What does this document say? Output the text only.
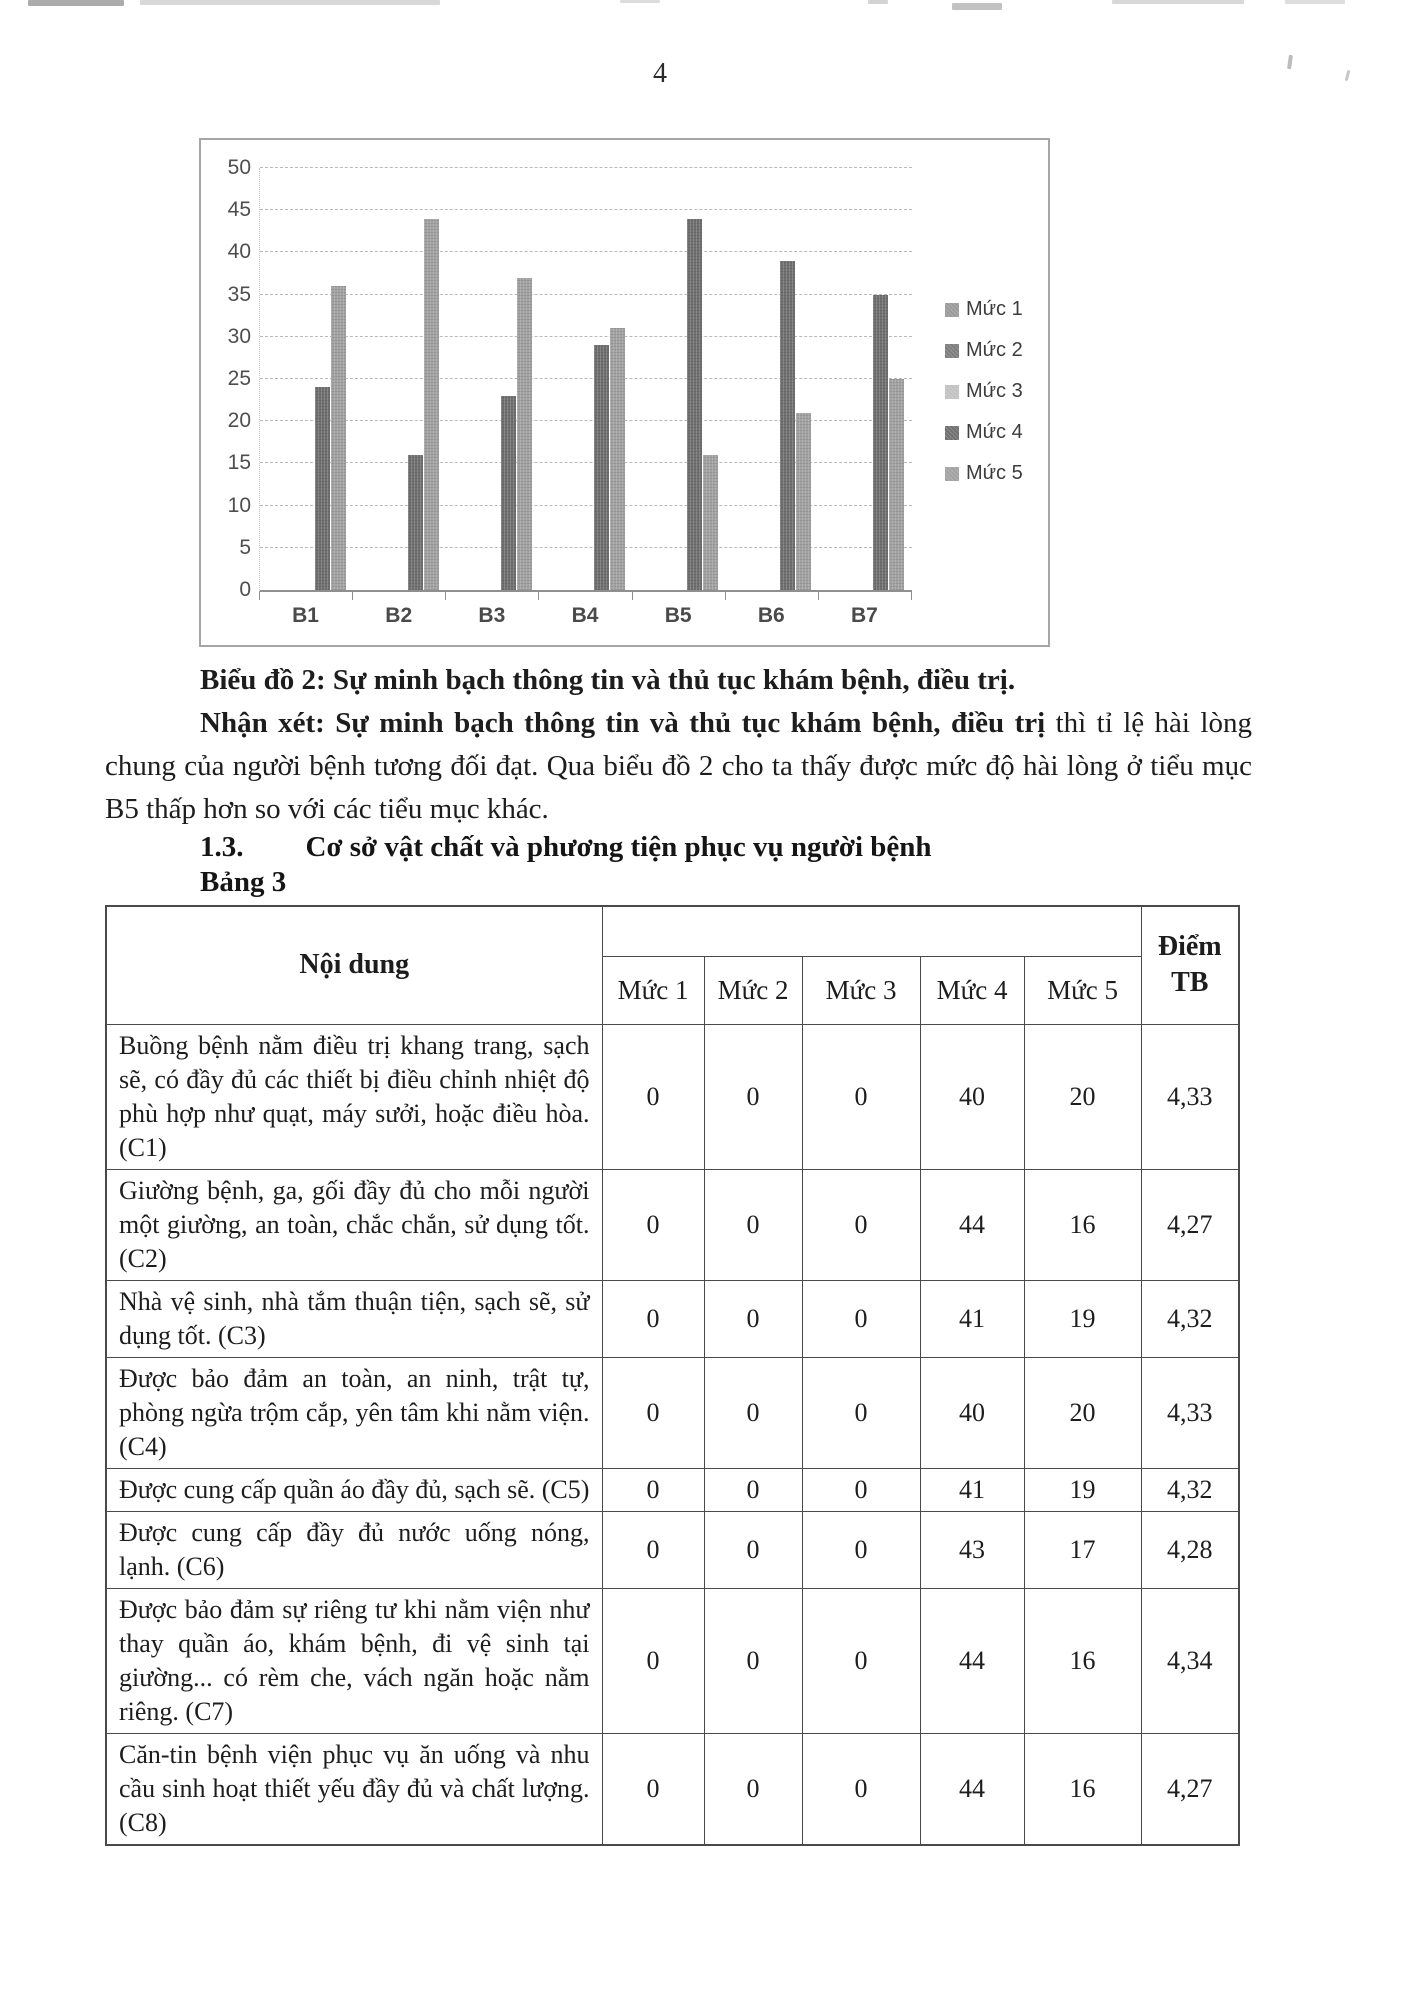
4
0
5
10
15
20
25
30
35
40
45
50
B1	B2	B3	B4	B5	B6	B7
Mức 1
Mức 2
Mức 3
Mức 4
Mức 5

Biểu đồ 2: Sự minh bạch thông tin và thủ tục khám bệnh, điều trị.

Nhận xét: Sự minh bạch thông tin và thủ tục khám bệnh, điều trị thì tỉ lệ hài lòng chung của người bệnh tương đối đạt. Qua biểu đồ 2 cho ta thấy được mức độ hài lòng ở tiểu mục B5 thấp hơn so với các tiểu mục khác.

1.3. Cơ sở vật chất và phương tiện phục vụ người bệnh
Bảng 3
Nội dung						Điểm
TB
	Mức 1	Mức 2	Mức 3	Mức 4	Mức 5	
Buồng bệnh nằm điều trị khang trang, sạch sẽ, có đầy đủ các thiết bị điều chỉnh nhiệt độ phù hợp như quạt, máy sưởi, hoặc điều hòa. (C1)	0	0	0	40	20	4,33
Giường bệnh, ga, gối đầy đủ cho mỗi người một giường, an toàn, chắc chắn, sử dụng tốt. (C2)	0	0	0	44	16	4,27
Nhà vệ sinh, nhà tắm thuận tiện, sạch sẽ, sử dụng tốt. (C3)	0	0	0	41	19	4,32
Được bảo đảm an toàn, an ninh, trật tự, phòng ngừa trộm cắp, yên tâm khi nằm viện. (C4)	0	0	0	40	20	4,33
Được cung cấp quần áo đầy đủ, sạch sẽ. (C5)	0	0	0	41	19	4,32
Được cung cấp đầy đủ nước uống nóng, lạnh. (C6)	0	0	0	43	17	4,28
Được bảo đảm sự riêng tư khi nằm viện như thay quần áo, khám bệnh, đi vệ sinh tại giường... có rèm che, vách ngăn hoặc nằm riêng. (C7)	0	0	0	44	16	4,34
Căn-tin bệnh viện phục vụ ăn uống và nhu cầu sinh hoạt thiết yếu đầy đủ và chất lượng. (C8)	0	0	0	44	16	4,27
